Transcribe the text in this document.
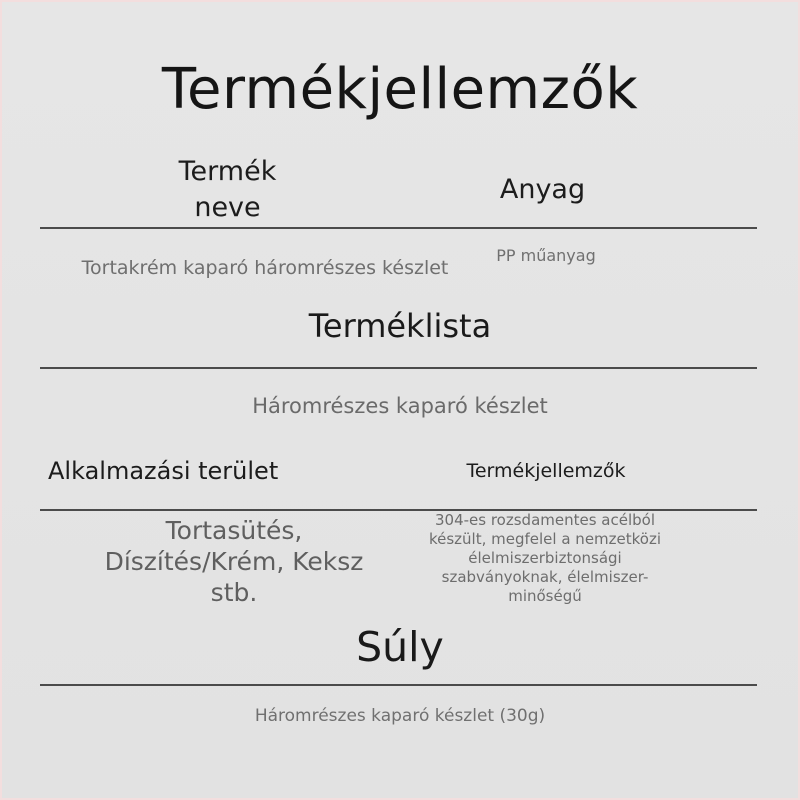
Termékjellemzők
Termék neve
Anyag
Tortakrém kaparó háromrészes készlet
PP műanyag
Terméklista
Háromrészes kaparó készlet
Alkalmazási terület	Termékjellemzők
Tortasütés, Díszítés/Krém, Keksz stb.
304-es rozsdamentes acélból készült, megfelel a nemzetközi élelmiszerbiztonsági szabványoknak, élelmiszer-minőségű
Súly
Háromrészes kaparó készlet (30g)
